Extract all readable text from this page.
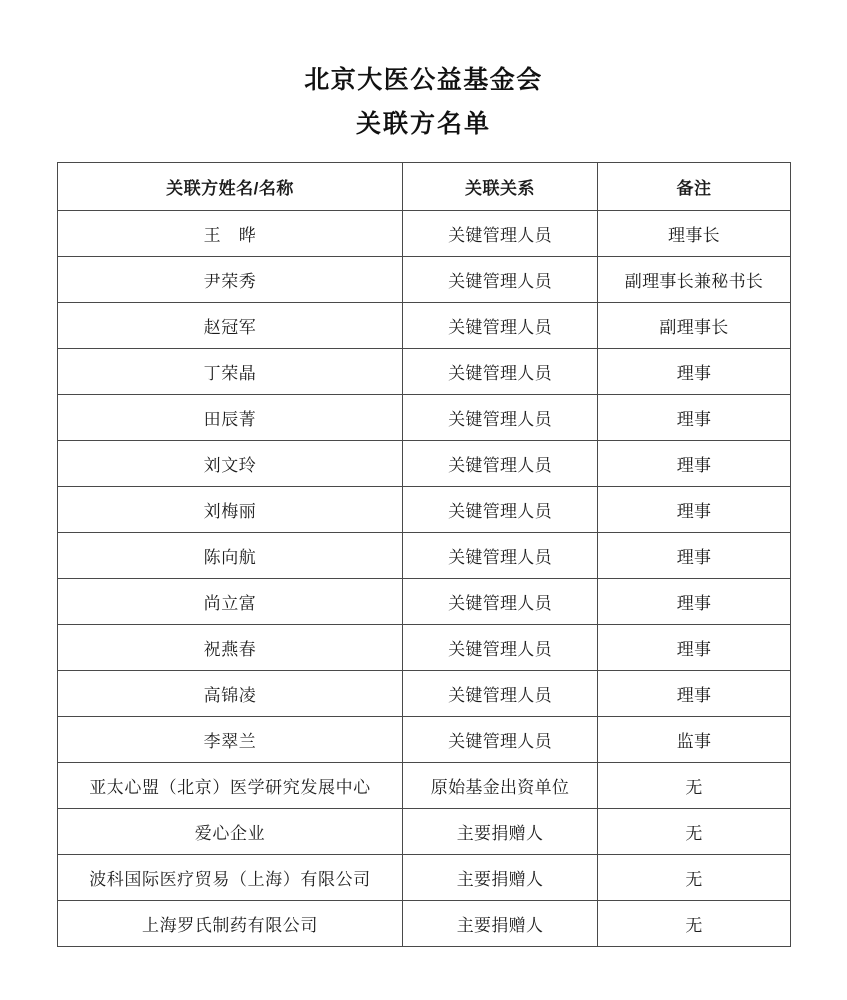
北京大医公益基金会
关联方名单
关联方姓名/名称	关联关系	备注
王　晔	关键管理人员	理事长
尹荣秀	关键管理人员	副理事长兼秘书长
赵冠军	关键管理人员	副理事长
丁荣晶	关键管理人员	理事
田辰菁	关键管理人员	理事
刘文玲	关键管理人员	理事
刘梅丽	关键管理人员	理事
陈向航	关键管理人员	理事
尚立富	关键管理人员	理事
祝燕春	关键管理人员	理事
高锦凌	关键管理人员	理事
李翠兰	关键管理人员	监事
亚太心盟（北京）医学研究发展中心	原始基金出资单位	无
爱心企业	主要捐赠人	无
波科国际医疗贸易（上海）有限公司	主要捐赠人	无
上海罗氏制药有限公司	主要捐赠人	无
